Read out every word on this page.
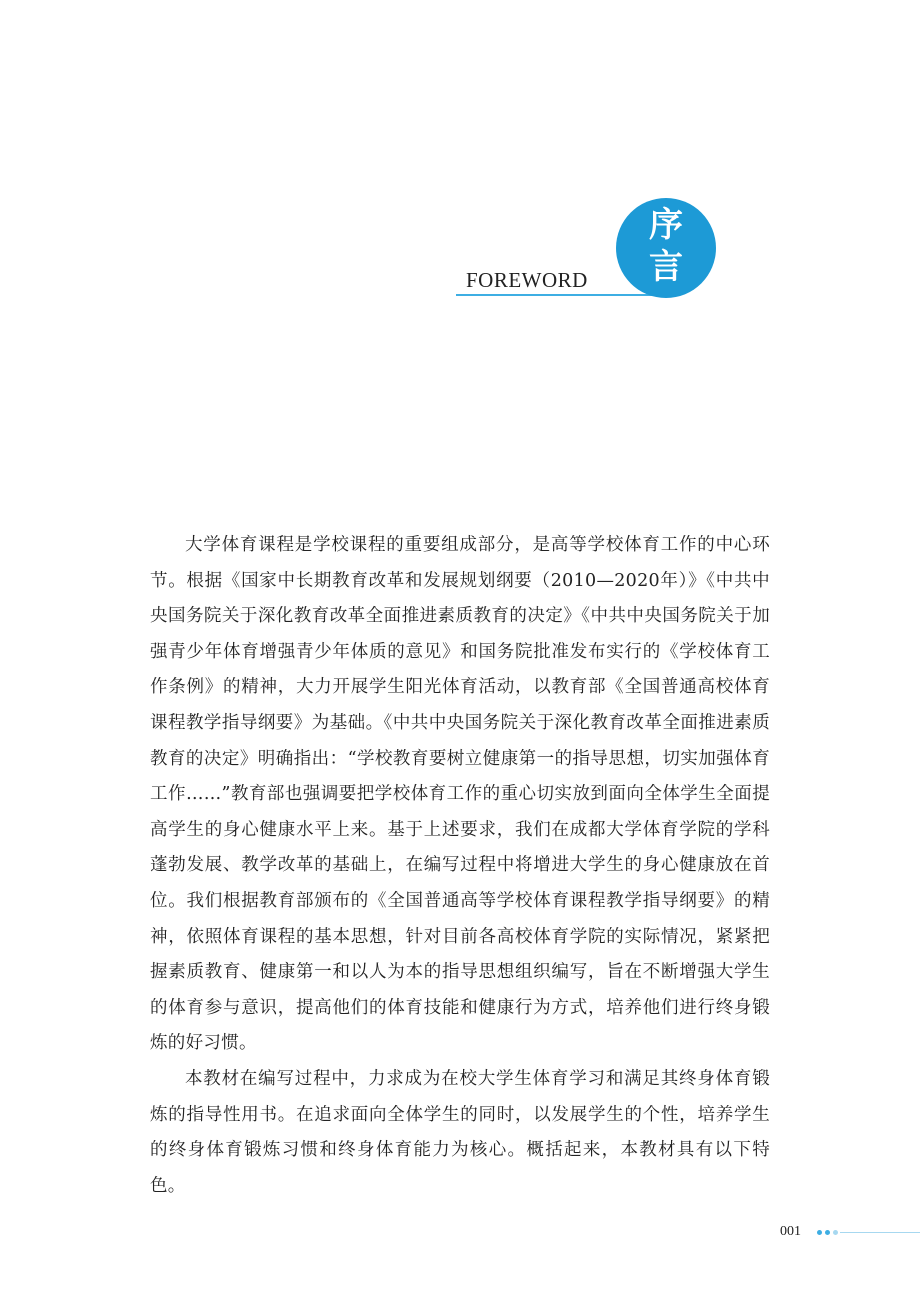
FOREWORD
序
言

大学体育课程是学校课程的重要组成部分，是高等学校体育工作的中心环节。根据《国家中长期教育改革和发展规划纲要（2010—2020年）》《中共中央国务院关于深化教育改革全面推进素质教育的决定》《中共中央国务院关于加强青少年体育增强青少年体质的意见》和国务院批准发布实行的《学校体育工作条例》的精神，大力开展学生阳光体育活动，以教育部《全国普通高校体育课程教学指导纲要》为基础。《中共中央国务院关于深化教育改革全面推进素质教育的决定》明确指出：“学校教育要树立健康第一的指导思想，切实加强体育工作……”教育部也强调要把学校体育工作的重心切实放到面向全体学生全面提高学生的身心健康水平上来。基于上述要求，我们在成都大学体育学院的学科蓬勃发展、教学改革的基础上，在编写过程中将增进大学生的身心健康放在首位。我们根据教育部颁布的《全国普通高等学校体育课程教学指导纲要》的精神，依照体育课程的基本思想，针对目前各高校体育学院的实际情况，紧紧把握素质教育、健康第一和以人为本的指导思想组织编写，旨在不断增强大学生的体育参与意识，提高他们的体育技能和健康行为方式，培养他们进行终身锻炼的好习惯。

本教材在编写过程中，力求成为在校大学生体育学习和满足其终身体育锻炼的指导性用书。在追求面向全体学生的同时，以发展学生的个性，培养学生的终身体育锻炼习惯和终身体育能力为核心。概括起来，本教材具有以下特色。

001
